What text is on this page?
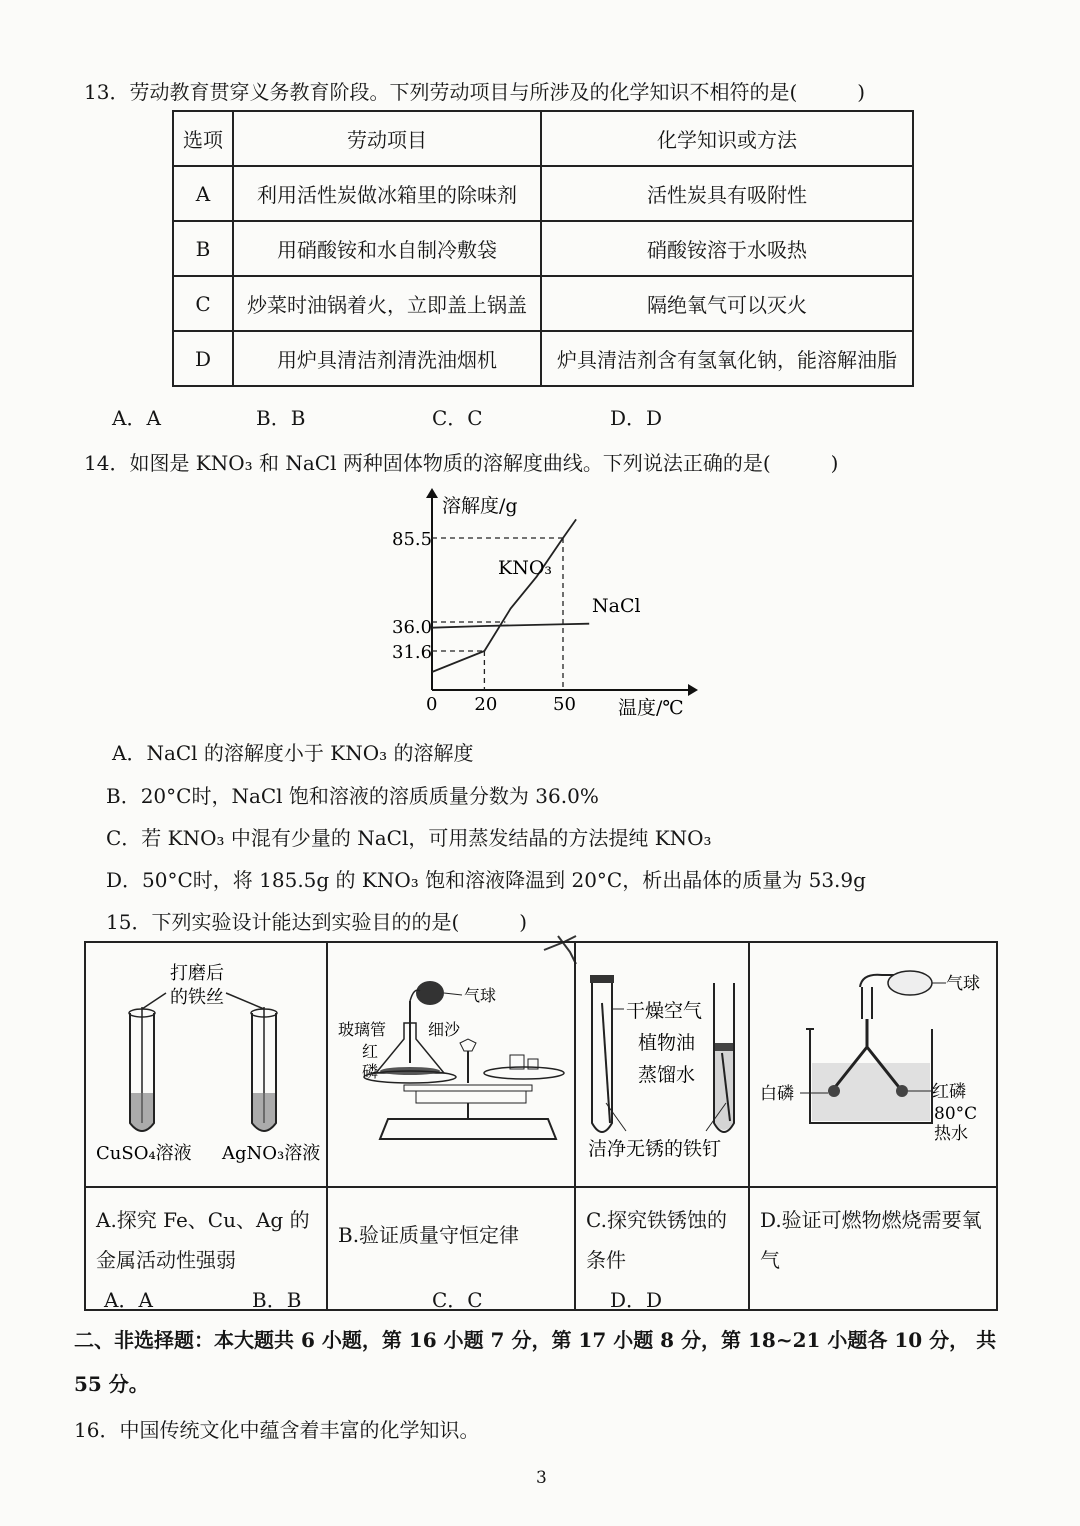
13．劳动教育贯穿义务教育阶段。下列劳动项目与所涉及的化学知识不相符的是(　　　)
选项	劳动项目	化学知识或方法
A	利用活性炭做冰箱里的除味剂	活性炭具有吸附性
B	用硝酸铵和水自制冷敷袋	硝酸铵溶于水吸热
C	炒菜时油锅着火，立即盖上锅盖	隔绝氧气可以灭火
D	用炉具清洁剂清洗油烟机	炉具清洁剂含有氢氧化钠，能溶解油脂
A．A	B．B	C．C	D．D
14．如图是 KNO₃ 和 NaCl 两种固体物质的溶解度曲线。下列说法正确的是(　　　)
溶解度/g
温度/℃
KNO₃
NaCl
31.6
36.0
85.5
0 20	50
A．NaCl 的溶解度小于 KNO₃ 的溶解度
B．20°C时，NaCl 饱和溶液的溶质质量分数为 36.0%
C．若 KNO₃ 中混有少量的 NaCl，可用蒸发结晶的方法提纯 KNO₃
D．50°C时，将 185.5g 的 KNO₃ 饱和溶液降温到 20°C，析出晶体的质量为 53.9g
15．下列实验设计能达到实验目的的是(　　　)
打磨后
的铁丝
CuSO₄溶液 AgNO₃溶液	气球
玻璃管 细沙
红
磷	干燥空气
植物油
蒸馏水
洁净无锈的铁钉	气球
白磷 红磷
80°C
热水

A.探究 Fe、Cu、Ag 的金属活动性强弱	B.验证质量守恒定律	C.探究铁锈蚀的条件	D.验证可燃物燃烧需要氧气
A．A	B．B	C．C	D．D
二、非选择题：本大题共 6 小题，第 16 小题 7 分，第 17 小题 8 分，第 18~21 小题各 10 分， 共
55 分。
16．中国传统文化中蕴含着丰富的化学知识。
3
